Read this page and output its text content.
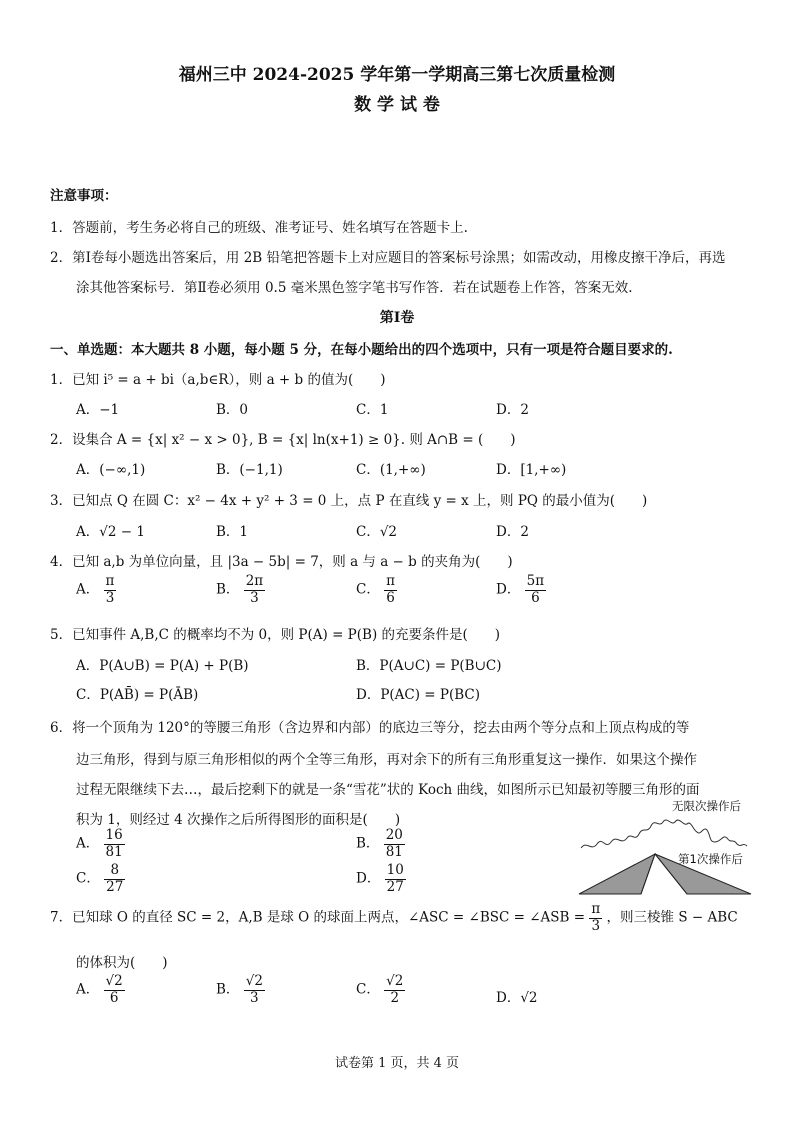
福州三中 2024-2025 学年第一学期高三第七次质量检测
数 学 试 卷
注意事项：
1．答题前，考生务必将自己的班级、准考证号、姓名填写在答题卡上.
2．第Ⅰ卷每小题选出答案后，用 2B 铅笔把答题卡上对应题目的答案标号涂黑；如需改动，用橡皮擦干净后，再选
涂其他答案标号．第Ⅱ卷必须用 0.5 毫米黑色签字笔书写作答．若在试题卷上作答，答案无效.
第Ⅰ卷
一、单选题：本大题共 8 小题，每小题 5 分，在每小题给出的四个选项中，只有一项是符合题目要求的.
1．已知 i⁵ = a + bi（a,b∈R），则 a + b 的值为(　　)
A．−1	B．0	C．1	D．2
2．设集合 A = {x| x² − x > 0}, B = {x| ln(x+1) ≥ 0}. 则 A∩B = (　　)
A．(−∞,1)	B．(−1,1)	C．(1,+∞)	D．[1,+∞)
3．已知点 Q 在圆 C：x² − 4x + y² + 3 = 0 上，点 P 在直线 y = x 上，则 PQ 的最小值为(　　)
A．√2 − 1	B．1	C．√2	D．2
4．已知 a,b 为单位向量，且 |3a − 5b| = 7，则 a 与 a − b 的夹角为(　　)
A． $\frac{\pi}{3}$	B． $\frac{2\pi}{3}$	C． $\frac{\pi}{6}$	D． $\frac{5\pi}{6}$
5．已知事件 A,B,C 的概率均不为 0，则 P(A) = P(B) 的充要条件是(　　)
A．P(A∪B) = P(A) + P(B)	B．P(A∪C) = P(B∪C)
C．P(AB̄) = P(ĀB)	D．P(AC) = P(BC)
6．将一个顶角为 120°的等腰三角形（含边界和内部）的底边三等分，挖去由两个等分点和上顶点构成的等
边三角形，得到与原三角形相似的两个全等三角形，再对余下的所有三角形重复这一操作．如果这个操作
过程无限继续下去…，最后挖剩下的就是一条“雪花”状的 Koch 曲线，如图所示已知最初等腰三角形的面
积为 1，则经过 4 次操作之后所得图形的面积是(　　)
A． $\frac{16}{81}$	B． $\frac{20}{81}$
C． $\frac{8}{27}$	D． $\frac{10}{27}$
无限次操作后
第1次操作后
7．已知球 O 的直径 SC = 2，A,B 是球 O 的球面上两点，∠ASC = ∠BSC = ∠ASB = $\frac{\pi}{3}$ ，则三棱锥 S − ABC
的体积为(　　)
A． $\frac{√2}{6}$	B． $\frac{√2}{3}$	C． $\frac{√2}{2}$	D．√2
试卷第 1 页，共 4 页
